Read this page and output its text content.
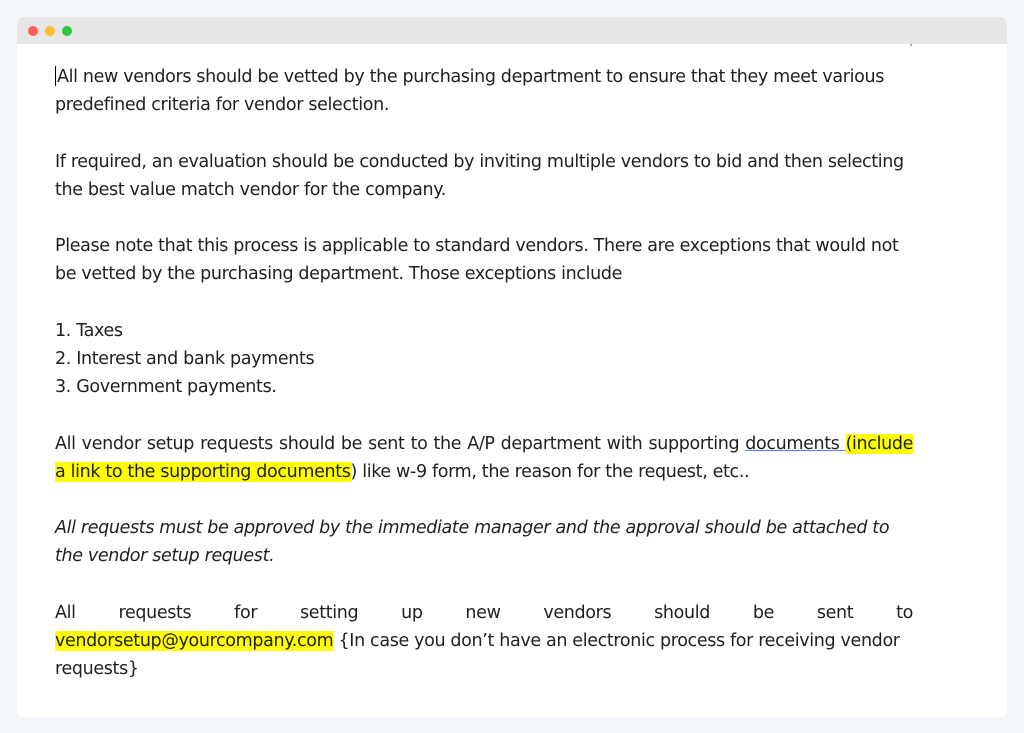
All new vendors should be vetted by the purchasing department to ensure that they meet various predefined criteria for vendor selection.

If required, an evaluation should be conducted by inviting multiple vendors to bid and then selecting the best value match vendor for the company.

Please note that this process is applicable to standard vendors. There are exceptions that would not be vetted by the purchasing department. Those exceptions include

1. Taxes
2. Interest and bank payments
3. Government payments.

All vendor setup requests should be sent to the A/P department with supporting documents (include a link to the supporting documents) like w-9 form, the reason for the request, etc..

All requests must be approved by the immediate manager and the approval should be attached to the vendor setup request.

All requests for setting up new vendors should be sent to
vendorsetup@yourcompany.com {In case you don’t have an electronic process for receiving vendor requests}
